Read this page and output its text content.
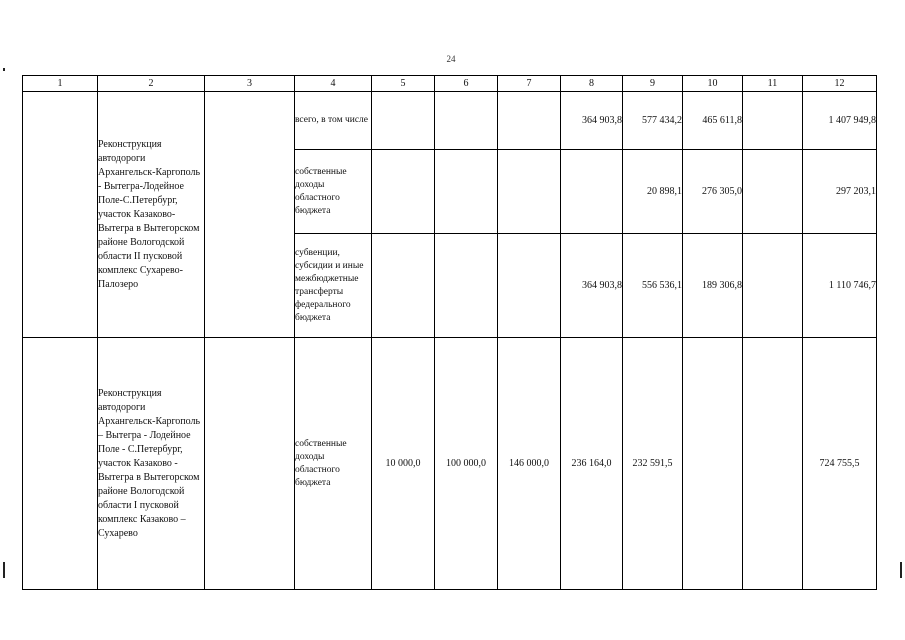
24
1	2	3	4	5	6	7	8	9	10	11	12
	Реконструкция автодороги Архангельск-Каргополь - Вытегра-Лодейное Поле-С.Петербург, участок Казаково-Вытегра в Вытегорском районе Вологодской области II пусковой комплекс Сухарево-Палозеро		всего, в том числе				364 903,8	577 434,2	465 611,8		1 407 949,8
			собственные доходы областного бюджета					20 898,1	276 305,0		297 203,1
			субвенции, субсидии и иные межбюджетные трансферты федерального бюджета				364 903,8	556 536,1	189 306,8		1 110 746,7
	Реконструкция автодороги Архангельск-Каргополь – Вытегра - Лодейное Поле - С.Петербург, участок Казаково - Вытегра в Вытегорском районе Вологодской области I пусковой комплекс Казаково – Сухарево		собственные доходы областного бюджета	10 000,0	100 000,0	146 000,0	236 164,0	232 591,5			724 755,5
